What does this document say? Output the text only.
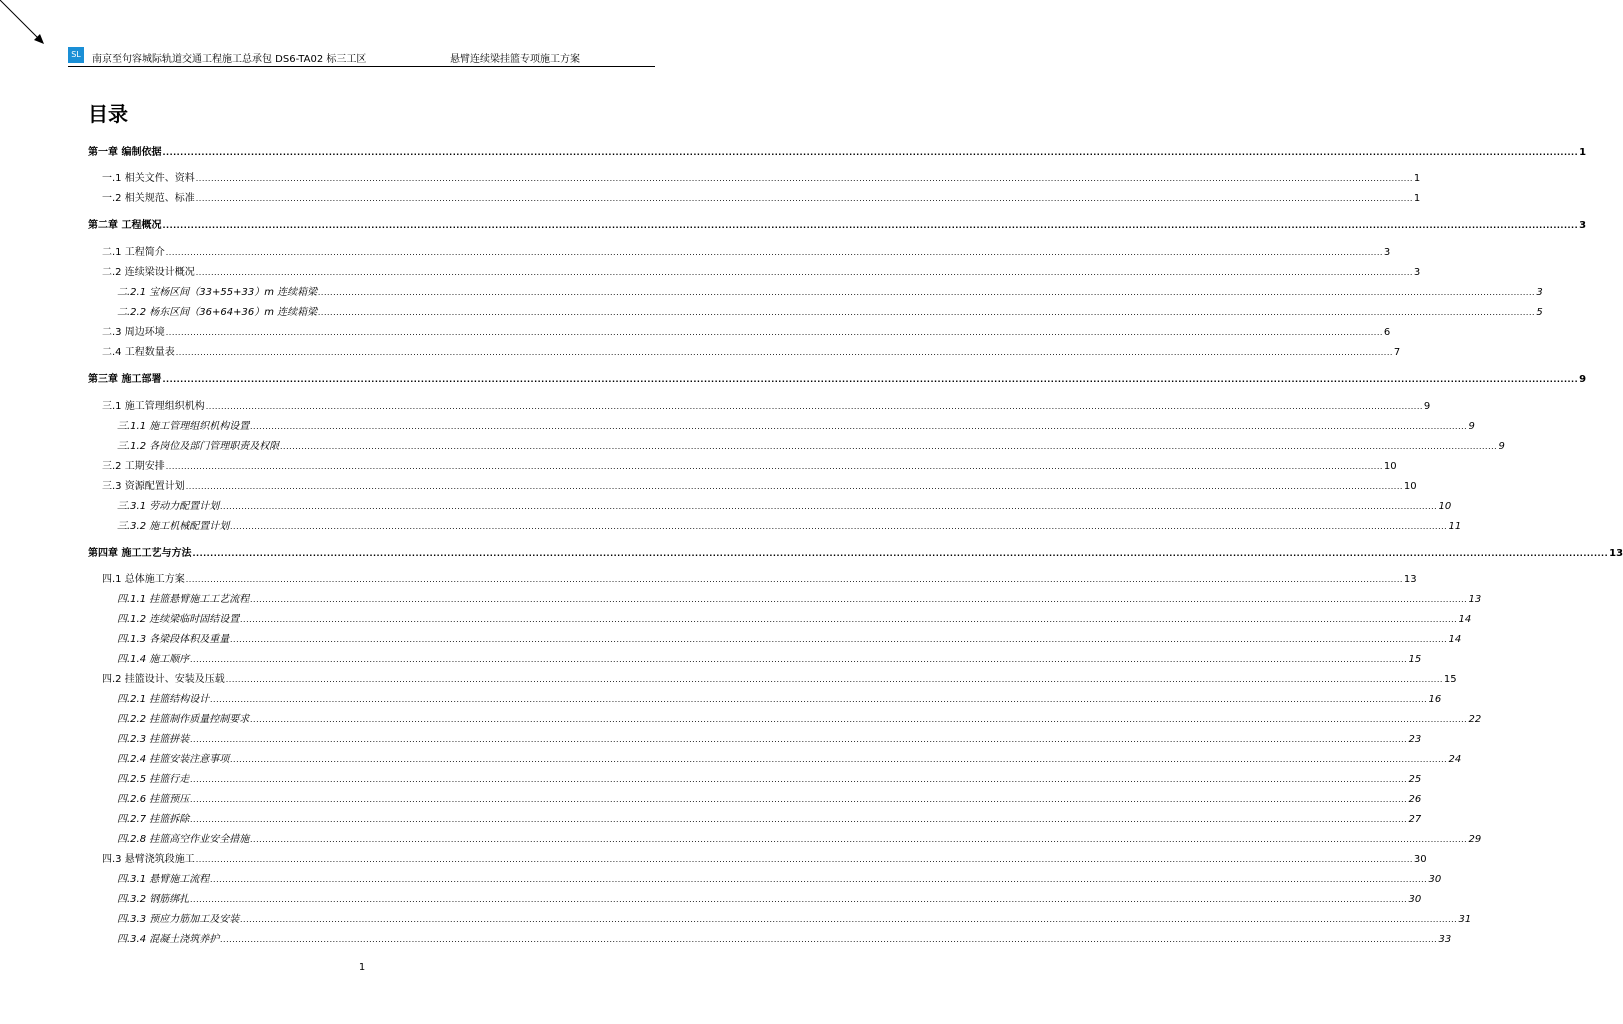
SL	南京至句容城际轨道交通工程施工总承包 DS6-TA02 标三工区	悬臂连续梁挂篮专项施工方案
目录
第一章 编制依据 ................................................................................................................................................................................................................................................................................................................................................................................................................ 1
一.1 相关文件、资料 ................................................................................................................................................................................................................................................................................................................................................................................................................ 1
一.2 相关规范、标准 ................................................................................................................................................................................................................................................................................................................................................................................................................ 1
第二章 工程概况 ................................................................................................................................................................................................................................................................................................................................................................................................................ 3
二.1 工程简介 ................................................................................................................................................................................................................................................................................................................................................................................................................ 3
二.2 连续梁设计概况 ................................................................................................................................................................................................................................................................................................................................................................................................................ 3
二.2.1 宝杨区间（33+55+33）m 连续箱梁 ................................................................................................................................................................................................................................................................................................................................................................................................................ 3
二.2.2 杨东区间（36+64+36）m 连续箱梁 ................................................................................................................................................................................................................................................................................................................................................................................................................ 5
二.3 周边环境 ................................................................................................................................................................................................................................................................................................................................................................................................................ 6
二.4 工程数量表 ................................................................................................................................................................................................................................................................................................................................................................................................................ 7
第三章 施工部署 ................................................................................................................................................................................................................................................................................................................................................................................................................ 9
三.1 施工管理组织机构 ................................................................................................................................................................................................................................................................................................................................................................................................................ 9
三.1.1 施工管理组织机构设置 ................................................................................................................................................................................................................................................................................................................................................................................................................ 9
三.1.2 各岗位及部门管理职责及权限 ................................................................................................................................................................................................................................................................................................................................................................................................................ 9
三.2 工期安排 ................................................................................................................................................................................................................................................................................................................................................................................................................ 10
三.3 资源配置计划 ................................................................................................................................................................................................................................................................................................................................................................................................................ 10
三.3.1 劳动力配置计划 ................................................................................................................................................................................................................................................................................................................................................................................................................ 10
三.3.2 施工机械配置计划 ................................................................................................................................................................................................................................................................................................................................................................................................................ 11
第四章 施工工艺与方法 ................................................................................................................................................................................................................................................................................................................................................................................................................ 13
四.1 总体施工方案 ................................................................................................................................................................................................................................................................................................................................................................................................................ 13
四.1.1 挂篮悬臂施工工艺流程 ................................................................................................................................................................................................................................................................................................................................................................................................................ 13
四.1.2 连续梁临时固结设置 ................................................................................................................................................................................................................................................................................................................................................................................................................ 14
四.1.3 各梁段体积及重量 ................................................................................................................................................................................................................................................................................................................................................................................................................ 14
四.1.4 施工顺序 ................................................................................................................................................................................................................................................................................................................................................................................................................ 15
四.2 挂篮设计、安装及压载 ................................................................................................................................................................................................................................................................................................................................................................................................................ 15
四.2.1 挂篮结构设计 ................................................................................................................................................................................................................................................................................................................................................................................................................ 16
四.2.2 挂篮制作质量控制要求 ................................................................................................................................................................................................................................................................................................................................................................................................................ 22
四.2.3 挂篮拼装 ................................................................................................................................................................................................................................................................................................................................................................................................................ 23
四.2.4 挂篮安装注意事项 ................................................................................................................................................................................................................................................................................................................................................................................................................ 24
四.2.5 挂篮行走 ................................................................................................................................................................................................................................................................................................................................................................................................................ 25
四.2.6 挂篮预压 ................................................................................................................................................................................................................................................................................................................................................................................................................ 26
四.2.7 挂篮拆除 ................................................................................................................................................................................................................................................................................................................................................................................................................ 27
四.2.8 挂篮高空作业安全措施 ................................................................................................................................................................................................................................................................................................................................................................................................................ 29
四.3 悬臂浇筑段施工 ................................................................................................................................................................................................................................................................................................................................................................................................................ 30
四.3.1 悬臂施工流程 ................................................................................................................................................................................................................................................................................................................................................................................................................ 30
四.3.2 钢筋绑扎 ................................................................................................................................................................................................................................................................................................................................................................................................................ 30
四.3.3 预应力筋加工及安装 ................................................................................................................................................................................................................................................................................................................................................................................................................ 31
四.3.4 混凝土浇筑养护 ................................................................................................................................................................................................................................................................................................................................................................................................................ 33
1
